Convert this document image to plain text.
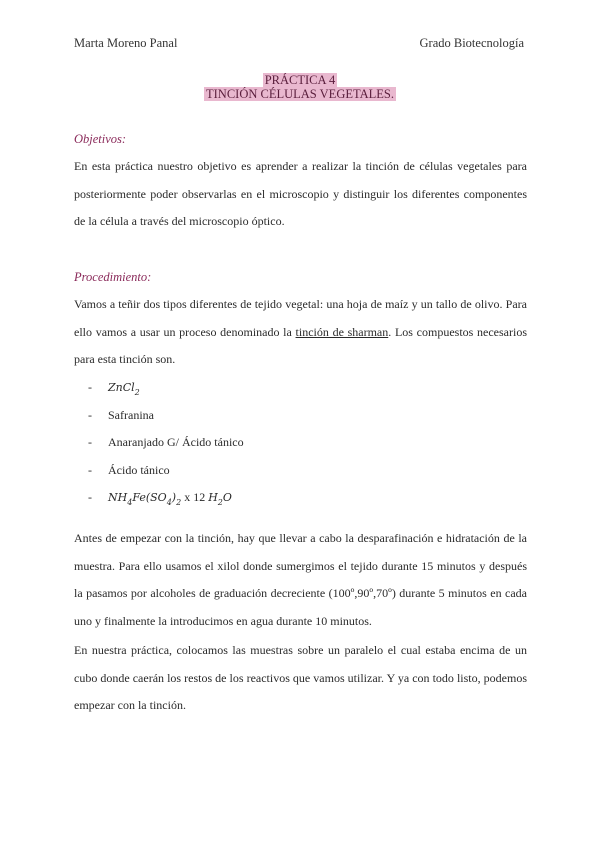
Marta Moreno Panal	Grado Biotecnología
PRÁCTICA 4
TINCIÓN CÉLULAS VEGETALES.
Objetivos:
En esta práctica nuestro objetivo es aprender a realizar la tinción de células vegetales para posteriormente poder observarlas en el microscopio y distinguir los diferentes componentes de la célula a través del microscopio óptico.
Procedimiento:
Vamos a teñir dos tipos diferentes de tejido vegetal: una hoja de maíz y un tallo de olivo. Para ello vamos a usar un proceso denominado la tinción de sharman. Los compuestos necesarios para esta tinción son.
- ZnCl$_2$
- Safranina
- Anaranjado G/ Ácido tánico
- Ácido tánico
- $NH_4Fe(SO_4)_2$ x 12 $H_2O$
Antes de empezar con la tinción, hay que llevar a cabo la desparafinación e hidratación de la muestra. Para ello usamos el xilol donde sumergimos el tejido durante 15 minutos y después la pasamos por alcoholes de graduación decreciente (100º,90º,70º) durante 5 minutos en cada uno y finalmente la introducimos en agua durante 10 minutos.
En nuestra práctica, colocamos las muestras sobre un paralelo el cual estaba encima de un cubo donde caerán los restos de los reactivos que vamos utilizar. Y ya con todo listo, podemos empezar con la tinción.
